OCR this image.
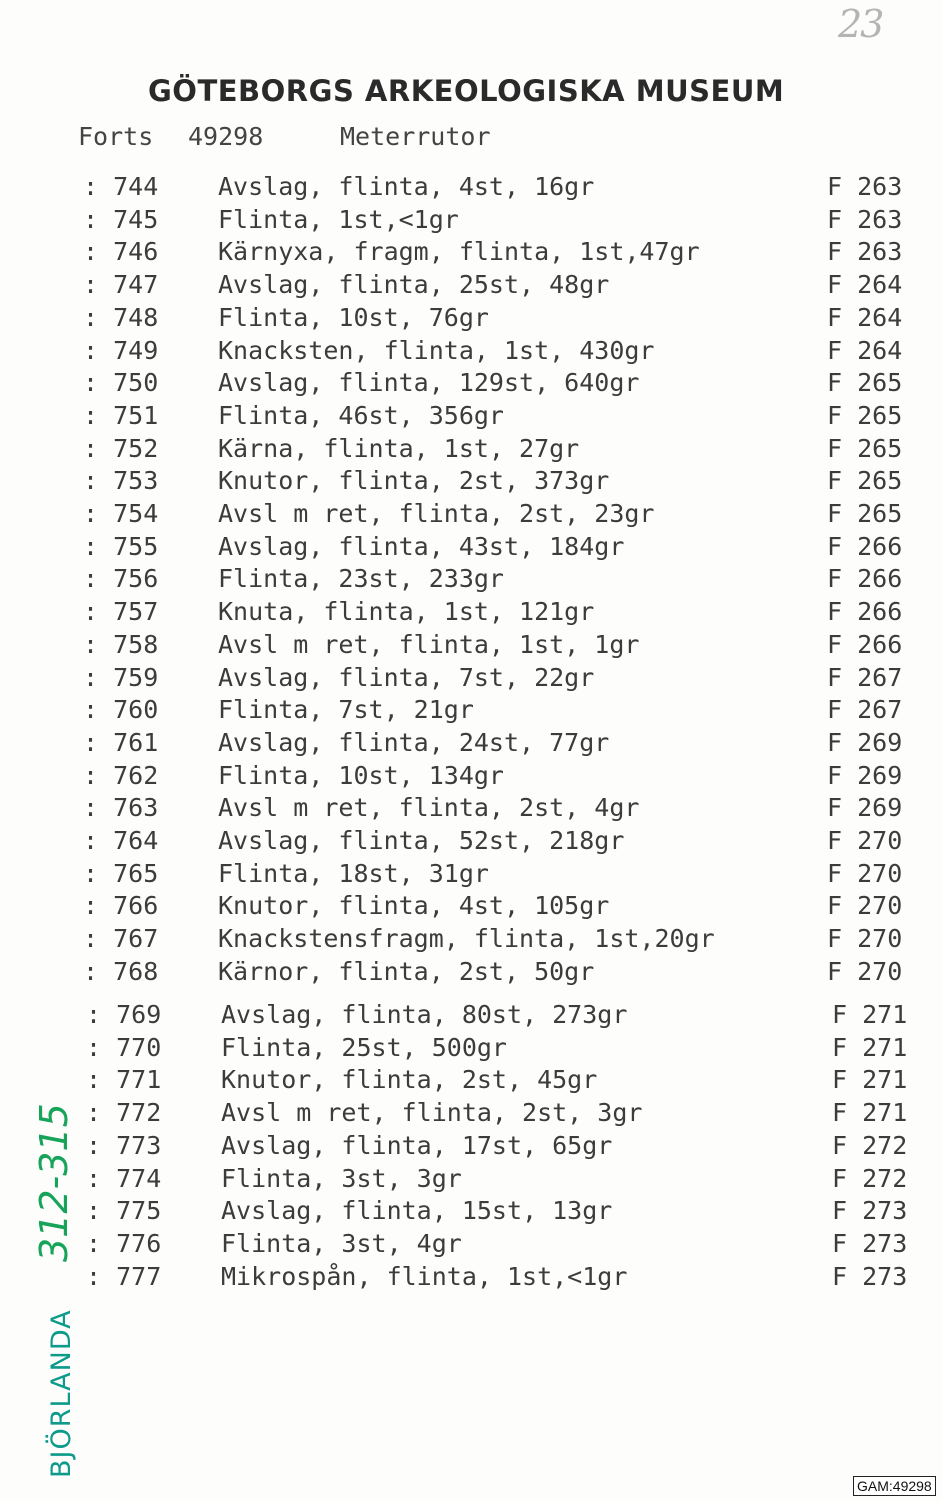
23
GÖTEBORGS ARKEOLOGISKA MUSEUM
Forts 49298	Meterrutor
: 744 Avslag, flinta, 4st, 16gr	F 263
: 745 Flinta, 1st,<1gr	F 263
: 746 Kärnyxa, fragm, flinta, 1st,47gr	F 263
: 747 Avslag, flinta, 25st, 48gr	F 264
: 748 Flinta, 10st, 76gr	F 264
: 749 Knacksten, flinta, 1st, 430gr	F 264
: 750 Avslag, flinta, 129st, 640gr	F 265
: 751 Flinta, 46st, 356gr	F 265
: 752 Kärna, flinta, 1st, 27gr	F 265
: 753 Knutor, flinta, 2st, 373gr	F 265
: 754 Avsl m ret, flinta, 2st, 23gr	F 265
: 755 Avslag, flinta, 43st, 184gr	F 266
: 756 Flinta, 23st, 233gr	F 266
: 757 Knuta, flinta, 1st, 121gr	F 266
: 758 Avsl m ret, flinta, 1st, 1gr	F 266
: 759 Avslag, flinta, 7st, 22gr	F 267
: 760 Flinta, 7st, 21gr	F 267
: 761 Avslag, flinta, 24st, 77gr	F 269
: 762 Flinta, 10st, 134gr	F 269
: 763 Avsl m ret, flinta, 2st, 4gr	F 269
: 764 Avslag, flinta, 52st, 218gr	F 270
: 765 Flinta, 18st, 31gr	F 270
: 766 Knutor, flinta, 4st, 105gr	F 270
: 767 Knackstensfragm, flinta, 1st,20gr	F 270
: 768 Kärnor, flinta, 2st, 50gr	F 270
: 769 Avslag, flinta, 80st, 273gr	F 271
: 770 Flinta, 25st, 500gr	F 271
: 771 Knutor, flinta, 2st, 45gr	F 271
: 772 Avsl m ret, flinta, 2st, 3gr	F 271
: 773 Avslag, flinta, 17st, 65gr	F 272
: 774 Flinta, 3st, 3gr	F 272
: 775 Avslag, flinta, 15st, 13gr	F 273
: 776 Flinta, 3st, 4gr	F 273
: 777 Mikrospån, flinta, 1st,<1gr	F 273
BJÖRLANDA
312-315
GAM:49298
